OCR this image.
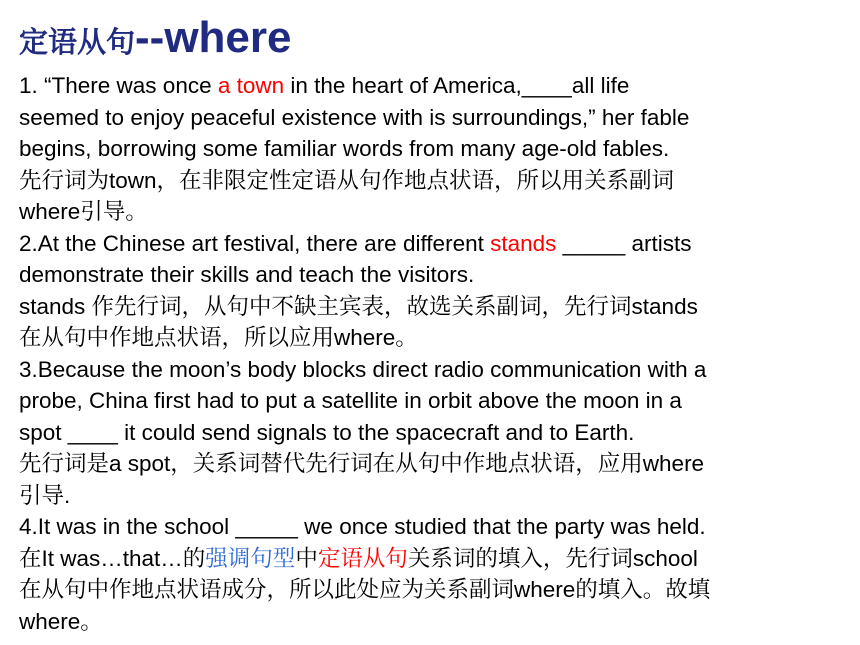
定语从句--where
1. “There was once a town in the heart of America,____all life
seemed to enjoy peaceful existence with is surroundings,” her fable
begins, borrowing some familiar words from many age-old fables.
先行词为town，在非限定性定语从句作地点状语，所以用关系副词
where引导。
2.At the Chinese art festival, there are different stands _____ artists
demonstrate their skills and teach the visitors.
stands 作先行词，从句中不缺主宾表，故选关系副词，先行词stands
在从句中作地点状语，所以应用where。
3.Because the moon’s body blocks direct radio communication with a
probe, China first had to put a satellite in orbit above the moon in a
spot ____ it could send signals to the spacecraft and to Earth.
先行词是a spot，关系词替代先行词在从句中作地点状语，应用where
引导.
4.It was in the school _____ we once studied that the party was held.
在It was…that…的强调句型中定语从句关系词的填入，先行词school
在从句中作地点状语成分，所以此处应为关系副词where的填入。故填
where。
